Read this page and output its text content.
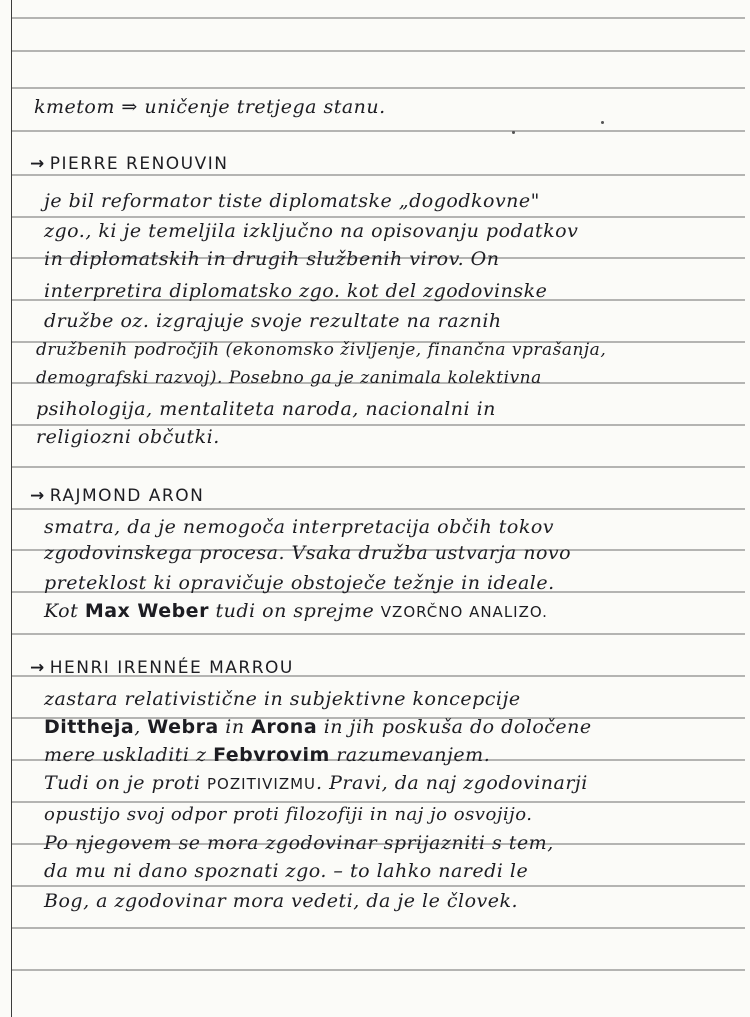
kmetom ⇒ uničenje tretjega stanu.
→ PIERRE RENOUVIN
je bil reformator tiste diplomatske „dogodkovne"
zgo., ki je temeljila izključno na opisovanju podatkov
in diplomatskih in drugih službenih virov. On
interpretira diplomatsko zgo. kot del zgodovinske
družbe oz. izgrajuje svoje rezultate na raznih
družbenih področjih (ekonomsko življenje, finančna vprašanja,
demografski razvoj). Posebno ga je zanimala kolektivna
psihologija, mentaliteta naroda, nacionalni in
religiozni občutki.
→ RAJMOND ARON
smatra, da je nemogoča interpretacija občih tokov
zgodovinskega procesa. Vsaka družba ustvarja novo
preteklost ki opravičuje obstoječe težnje in ideale.
Kot Max Weber tudi on sprejme VZORČNO ANALIZO.
→ HENRI IRENNÉE MARROU
zastara relativistične in subjektivne koncepcije
Dittheja, Webra in Arona in jih poskuša do določene
mere uskladiti z Febvrovim razumevanjem.
Tudi on je proti POZITIVIZMU. Pravi, da naj zgodovinarji
opustijo svoj odpor proti filozofiji in naj jo osvojijo.
Po njegovem se mora zgodovinar sprijazniti s tem,
da mu ni dano spoznati zgo. – to lahko naredi le
Bog, a zgodovinar mora vedeti, da je le človek.
